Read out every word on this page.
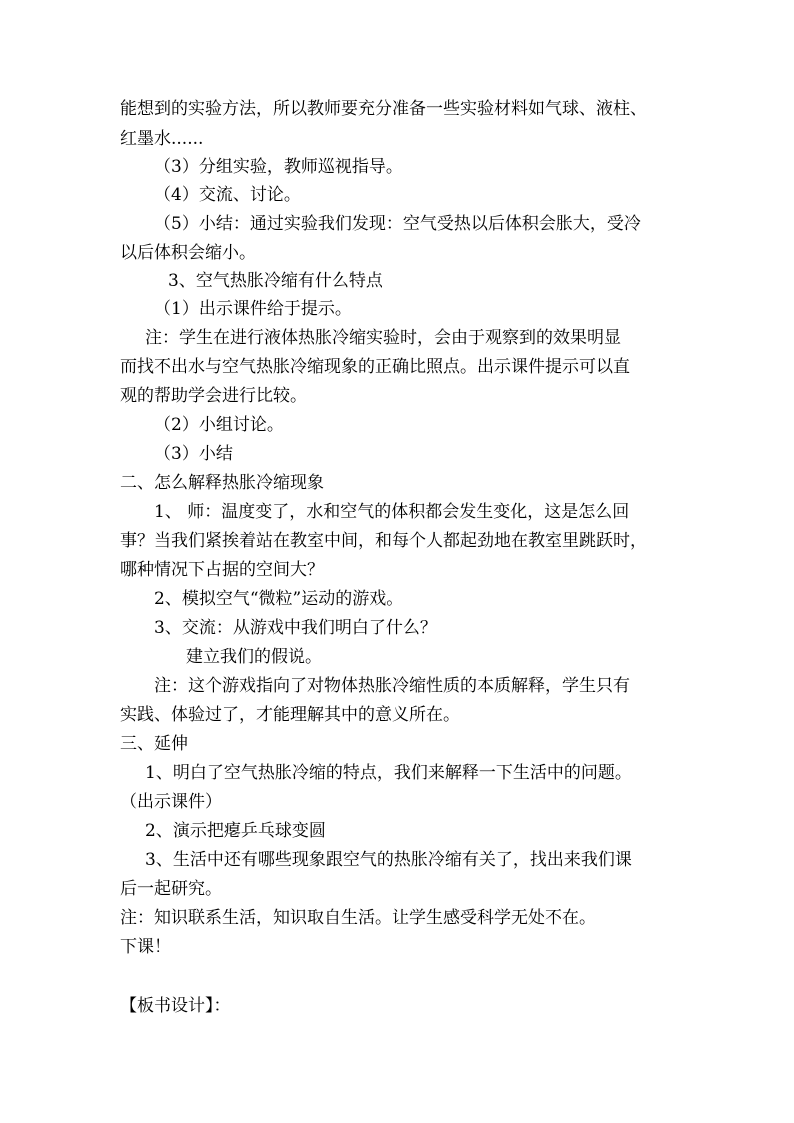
能想到的实验方法，所以教师要充分准备一些实验材料如气球、液柱、
红墨水......
（3）分组实验，教师巡视指导。
（4）交流、讨论。
（5）小结：通过实验我们发现：空气受热以后体积会胀大，受冷
以后体积会缩小。
3、空气热胀冷缩有什么特点
（1）出示课件给于提示。
注：学生在进行液体热胀冷缩实验时，会由于观察到的效果明显
而找不出水与空气热胀冷缩现象的正确比照点。出示课件提示可以直
观的帮助学会进行比较。
（2）小组讨论。
（3）小结
二、怎么解释热胀冷缩现象
1、 师：温度变了，水和空气的体积都会发生变化，这是怎么回
事？当我们紧挨着站在教室中间，和每个人都起劲地在教室里跳跃时，
哪种情况下占据的空间大？
2、模拟空气“微粒”运动的游戏。
3、交流：从游戏中我们明白了什么？
建立我们的假说。
注：这个游戏指向了对物体热胀冷缩性质的本质解释，学生只有
实践、体验过了，才能理解其中的意义所在。
三、延伸
1、明白了空气热胀冷缩的特点，我们来解释一下生活中的问题。
（出示课件）
2、演示把瘪乒乓球变圆
3、生活中还有哪些现象跟空气的热胀冷缩有关了，找出来我们课
后一起研究。
注：知识联系生活，知识取自生活。让学生感受科学无处不在。
下课！
【板书设计】：
